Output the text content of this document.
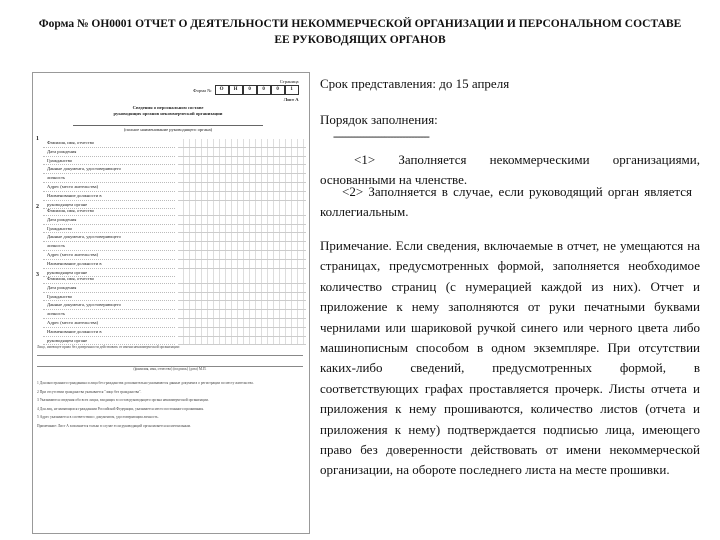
Форма № ОН0001 ОТЧЕТ О ДЕЯТЕЛЬНОСТИ НЕКОММЕРЧЕСКОЙ ОРГАНИЗАЦИИ И ПЕРСОНАЛЬНОМ СОСТАВЕ
ЕЕ РУКОВОДЯЩИХ ОРГАНОВ
Страница
Форма №	О Н 0 0 0 1
Лист А
Сведения о персональном составе
руководящих органов некоммерческой организации
(полное наименование руководящего органа)
1
Фамилия, имя, отчество
Дата рождения
Гражданство
Данные документа, удостоверяющего
личность
Адрес (место жительства)
Наименование должности в
руководящем органе
2
Фамилия, имя, отчество
Дата рождения
Гражданство
Данные документа, удостоверяющего
личность
Адрес (место жительства)
Наименование должности в
руководящем органе
3
Фамилия, имя, отчество
Дата рождения
Гражданство
Данные документа, удостоверяющего
личность
Адрес (место жительства)
Наименование должности в
руководящем органе
Лицо, имеющее право без доверенности действовать от имени некоммерческой организации:
(фамилия, имя, отчество) (подпись) (дата) М.П.
1 Для иностранного гражданина и лица без гражданства дополнительно указываются данные документа о регистрации по месту жительства.
2 При отсутствии гражданства указывается "лицо без гражданства".
3 Указываются сведения обо всех лицах, входящих в состав руководящего органа некоммерческой организации.
4 Для лиц, не являющихся гражданами Российской Федерации, указывается место постоянного проживания.
5 Адрес указывается в соответствии с документом, удостоверяющим личность.
Примечание: Лист А заполняется только в случае если руководящий орган является коллегиальным.
Срок представления: до 15 апреля
Порядок заполнения:
--------------------------------
<1> Заполняется некоммерческими организациями, основанными на членстве.
<2> Заполняется в случае, если руководящий орган является коллегиальным.
Примечание. Если сведения, включаемые в отчет, не умещаются на страницах, предусмотренных формой, заполняется необходимое количество страниц (с нумерацией каждой из них). Отчет и приложение к нему заполняются от руки печатными буквами чернилами или шариковой ручкой синего или черного цвета либо машинописным способом в одном экземпляре. При отсутствии каких-либо сведений, предусмотренных формой, в соответствующих графах проставляется прочерк. Листы отчета и приложения к нему прошиваются, количество листов (отчета и приложения к нему) подтверждается подписью лица, имеющего право без доверенности действовать от имени некоммерческой организации, на обороте последнего листа на месте прошивки.
